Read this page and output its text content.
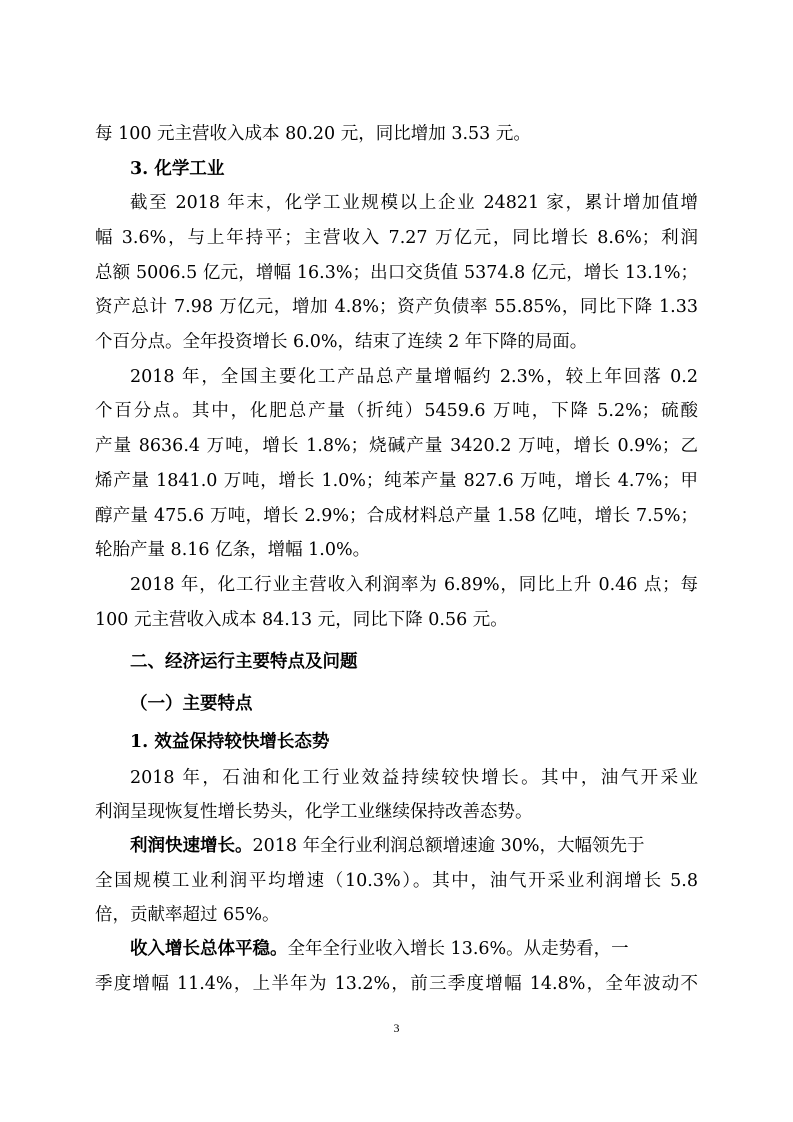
每 100 元主营收入成本 80.20 元，同比增加 3.53 元。
3. 化学工业
截至 2018 年末，化学工业规模以上企业 24821 家，累计增加值增
幅 3.6%，与上年持平；主营收入 7.27 万亿元，同比增长 8.6%；利润
总额 5006.5 亿元，增幅 16.3%；出口交货值 5374.8 亿元，增长 13.1%；
资产总计 7.98 万亿元，增加 4.8%；资产负债率 55.85%，同比下降 1.33
个百分点。全年投资增长 6.0%，结束了连续 2 年下降的局面。
2018 年，全国主要化工产品总产量增幅约 2.3%，较上年回落 0.2
个百分点。其中，化肥总产量（折纯）5459.6 万吨，下降 5.2%；硫酸
产量 8636.4 万吨，增长 1.8%；烧碱产量 3420.2 万吨，增长 0.9%；乙
烯产量 1841.0 万吨，增长 1.0%；纯苯产量 827.6 万吨，增长 4.7%；甲
醇产量 475.6 万吨，增长 2.9%；合成材料总产量 1.58 亿吨，增长 7.5%；
轮胎产量 8.16 亿条，增幅 1.0%。
2018 年，化工行业主营收入利润率为 6.89%，同比上升 0.46 点；每
100 元主营收入成本 84.13 元，同比下降 0.56 元。
二、经济运行主要特点及问题
（一）主要特点
1. 效益保持较快增长态势
2018 年，石油和化工行业效益持续较快增长。其中，油气开采业
利润呈现恢复性增长势头，化学工业继续保持改善态势。
利润快速增长。2018 年全行业利润总额增速逾 30%，大幅领先于
全国规模工业利润平均增速（10.3%）。其中，油气开采业利润增长 5.8
倍，贡献率超过 65%。
收入增长总体平稳。全年全行业收入增长 13.6%。从走势看，一
季度增幅 11.4%，上半年为 13.2%，前三季度增幅 14.8%，全年波动不
3
